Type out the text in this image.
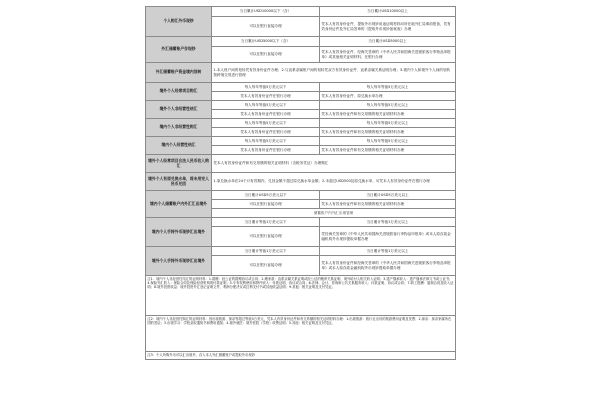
个人购汇外币现钞	当日累计USD10000以下（含）	当日累计USD10000以上
	可以在银行直接办理	凭本人有效身份证件、提取外币现钞用途证明材料向所在地外汇局事前报备，凭有效身份证件及外汇局签章的《提取外币现钞备案表》办理
外汇储蓄账户存现钞	当日累计USD5000以下（含）	当日累计USD5000以上
	可以在银行直接办理	凭本人有效身份证件、经海关签章的《中华人民共和国海关进境旅客行李物品申报单》或其他相关证明材料，在银行办理
外汇储蓄账户资金境内划转	1.本人账户间的划转凭有效身份证件办理；2.与直系亲属账户间的划转凭双方有效身份证件、直系亲属关系证明办理；3.境内个人和境外个人间的划转按跨境交易进行管理	
境外个人经常项目购汇	每人每年等值5万美元以下	每人每年等值5万美元以上
	凭本人有效身份证件在银行办理	凭本人有效身份证件、原兑换水单办理
境外个人非经营性结汇	每人每年等值5万美元以下	每人每年等值5万美元以上
	凭本人有效身份证件在银行办理	凭本人有效身份证件和有交易额的相关证明材料办理
境内个人非经营性购汇	每人每年等值5万美元以下	每人每年等值5万美元以上
	凭本人有效身份证件在银行办理	凭本人有效身份证件和有交易额的相关证明材料办理
境内个人经营性结汇	每人每年等值5万美元以下	每人每年等值5万美元以上
	凭本人有效身份证件在银行办理	凭本人有效身份证件和有交易额的相关证明材料办理
境外个人经常项目合法人民币收入购汇	凭本人有效身份证件和有交易额的相关证明材料（含税务凭证）办理购汇	
境外个人有原兑换水单，将未用完人民币兑回	1.原兑换水单在24个月有效期内，兑回金额不超过原兑换水单金额；2.未超过USD500及原兑换水单，可凭本人有效身份证件在银行办理	
境内个人储蓄账户内外汇汇出境外	当日累计USD5万美元以下	当日累计USD5万美元以上
	可以在银行直接办理	凭本人有效身份证件和有交易额的相关证明材料办理
	储蓄账户内外汇出境管理	
境内个人手持外币现钞汇出境外	当日累计等值1万美元以下	当日累计等值1万美元以上
	可以在银行直接办理	凭经海关签章的《中华人民共和国海关进境旅客行李物品申报单》或本人原存款金融机构外币现钞提取单据办理
境外个人手持外币现钞汇出境外	当日累计等值1万美元以下	当日累计等值1万美元以上
	可以在银行直接办理	凭本人有效身份证件和经海关签章的《中华人民共和国海关进境旅客行李物品申报单》或本人原存款金融机构外币现钞提取单据办理
注1：境内个人非经营性结汇的证明材料：1.捐赠：经公证的捐赠协议或合同；2.赡家款：直系亲属关系证明或经公证的赡养关系证明、境外给付人相关收入证明；3.遗产继承收入：遗产继承法律文书或公证书；4.保险外汇收入：保险合同及保险经营机构的付款证明；5.专有权利使用和特许收入：付款证明、协议或合同；6.法律、会计、咨询和公共关系服务收入：付款证明、协议或合同；7.职工报酬：雇佣合同及收入证明；8.境外投资收益：境外投资外汇登记证明文件、利润分配决议或红利支付书或其他收益证明；9.其他：相关证明及支付凭证。		
注2：境内个人非经营性购汇的证明材料：因出境旅游、探亲等超过等值5万美元，凭本人有效身份证件和有交易额的相关证明材料办理：1.出境旅游：旅行社出具的旅游费用证明及发票；2.探亲：探亲家属所在国的签证；3.出境学习：学校录取通知书和费用通知；4.境外就医：境外医院（学校）收费证明；5.其他：相关证明及支付凭证。		
注3：个人所购外币可以汇出境外、存入本人外汇储蓄账户或提取外币现钞		
